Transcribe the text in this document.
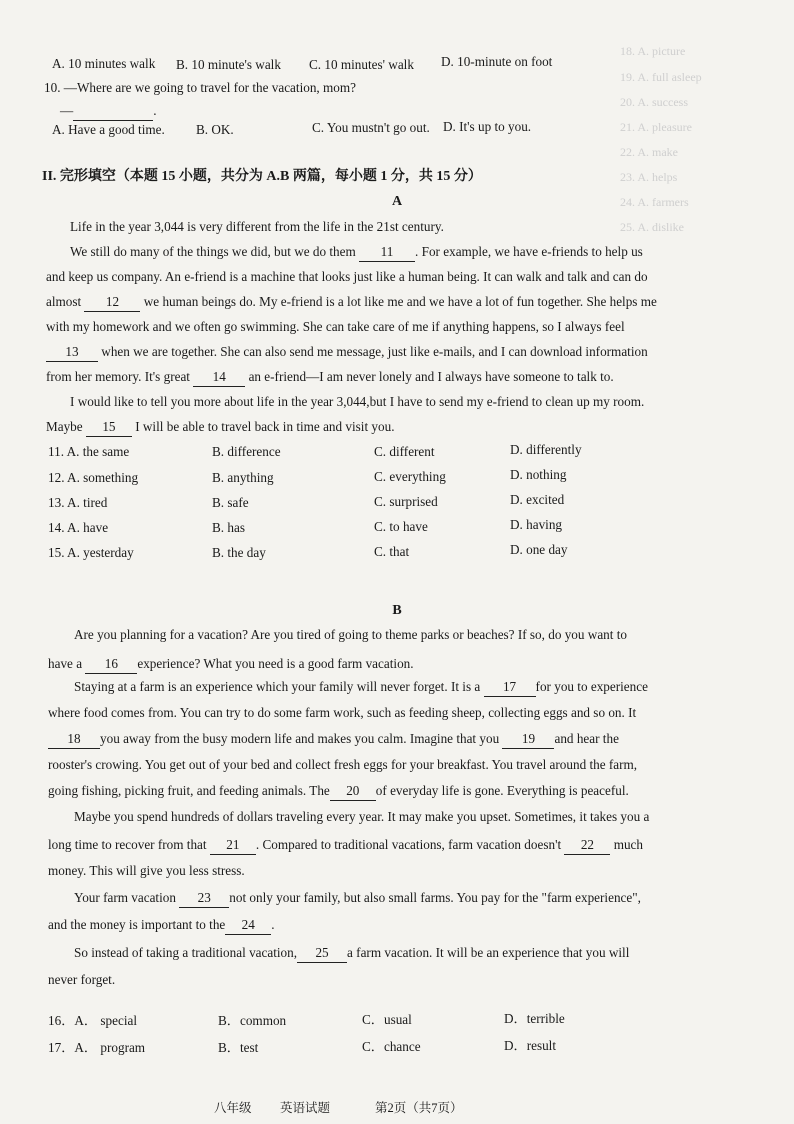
18. A. picture
19. A. full asleep
20. A. success
21. A. pleasure
22. A. make
23. A. helps
24. A. farmers
25. A. dislike
A. 10 minutes walk B. 10 minute's walk C. 10 minutes' walk D. 10-minute on foot
10. —Where are we going to travel for the vacation, mom?
—	.
A. Have a good time. B. OK.	C. You mustn't go out. D. It's up to you.
II. 完形填空（本题 15 小题，共分为 A.B 两篇，每小题 1 分，共 15 分）
A
Life in the year 3,044 is very different from the life in the 21st century.
We still do many of the things we did, but we do them 11 . For example, we have e-friends to help us
and keep us company. An e-friend is a machine that looks just like a human being. It can walk and talk and can do
almost 12 we human beings do. My e-friend is a lot like me and we have a lot of fun together. She helps me
with my homework and we often go swimming. She can take care of me if anything happens, so I always feel
13 when we are together. She can also send me message, just like e-mails, and I can download information
from her memory. It's great 14 an e-friend—I am never lonely and I always have someone to talk to.
I would like to tell you more about life in the year 3,044,but I have to send my e-friend to clean up my room.
Maybe 15 I will be able to travel back in time and visit you.
11. A. the same	B. difference	C. different	D. differently
12. A. something	B. anything	C. everything	D. nothing
13. A. tired	B. safe	C. surprised	D. excited
14. A. have	B. has	C. to have	D. having
15. A. yesterday	B. the day	C. that	D. one day
B
Are you planning for a vacation? Are you tired of going to theme parks or beaches? If so, do you want to
have a 16 experience? What you need is a good farm vacation.
Staying at a farm is an experience which your family will never forget. It is a 17 for you to experience
where food comes from. You can try to do some farm work, such as feeding sheep, collecting eggs and so on. It
18 you away from the busy modern life and makes you calm. Imagine that you 19 and hear the
rooster's crowing. You get out of your bed and collect fresh eggs for your breakfast. You travel around the farm,
going fishing, picking fruit, and feeding animals. The 20 of everyday life is gone. Everything is peaceful.
Maybe you spend hundreds of dollars traveling every year. It may make you upset. Sometimes, it takes you a
long time to recover from that 21 . Compared to traditional vacations, farm vacation doesn't 22 much
money. This will give you less stress.
Your farm vacation 23 not only your family, but also small farms. You pay for the "farm experience",
and the money is important to the 24 .
So instead of taking a traditional vacation, 25 a farm vacation. It will be an experience that you will
never forget.
16．A． special	B．common	C．usual	D．terrible
17．A． program	B．test	C．chance	D．result
八年级 英语试题	第2页（共7页）
